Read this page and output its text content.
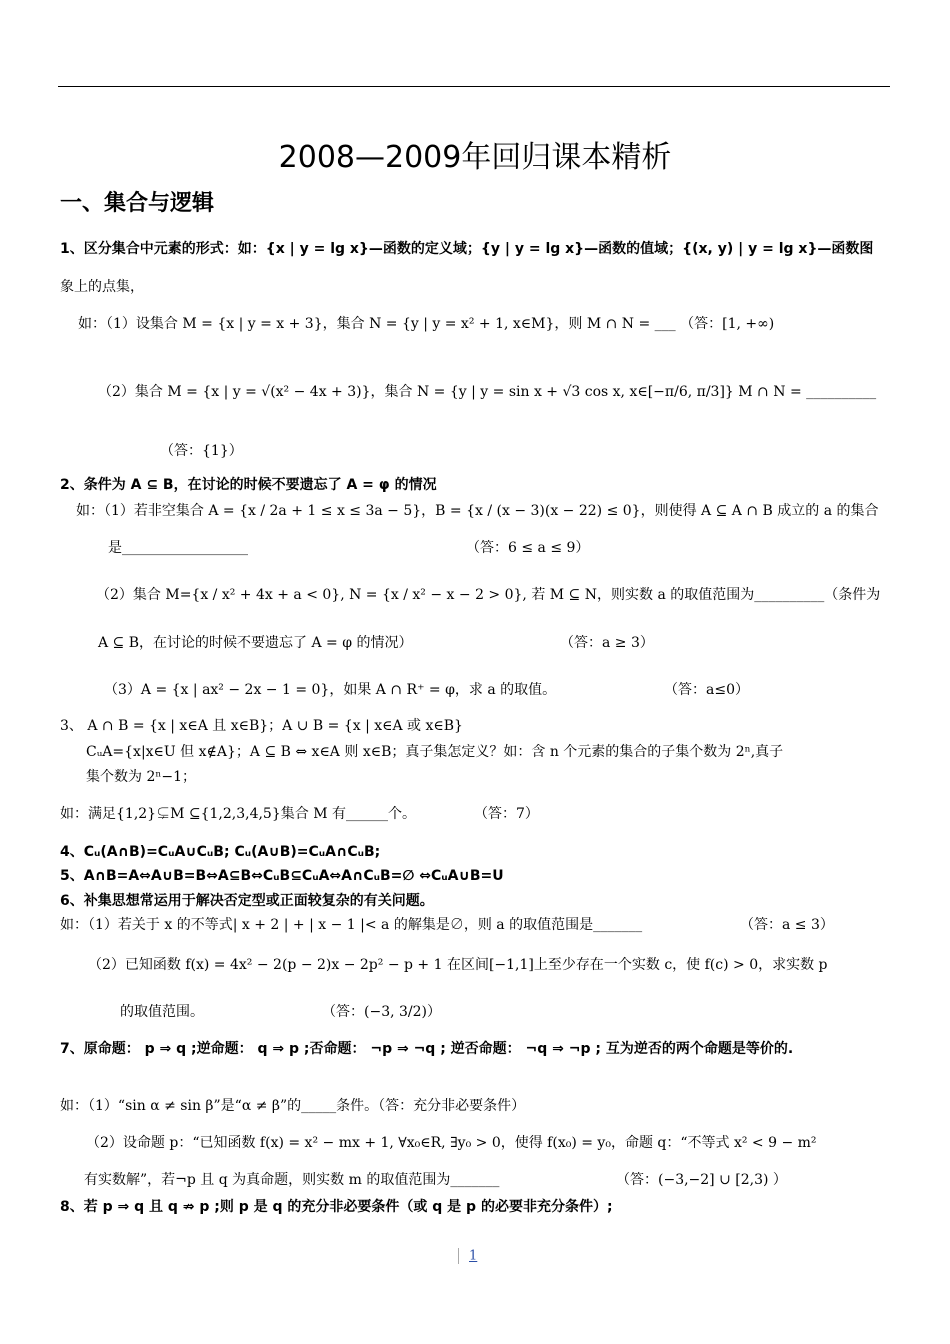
2008—2009年回归课本精析
一、集合与逻辑
1、区分集合中元素的形式：如：{x | y = lg x}—函数的定义域；{y | y = lg x}—函数的值域；{(x, y) | y = lg x}—函数图
象上的点集，
如：（1）设集合 M = {x | y = x + 3}，集合 N = {y | y = x² + 1, x∈M}，则 M ∩ N = ___ （答：[1, +∞)
（2）集合 M = {x | y = √(x² − 4x + 3)}，集合 N = {y | y = sin x + √3 cos x, x∈[−π/6, π/3]} M ∩ N = __________
（答：{1}）
2、条件为 A ⊆ B，在讨论的时候不要遗忘了 A = φ 的情况
如：（1）若非空集合 A = {x / 2a + 1 ≤ x ≤ 3a − 5}，B = {x / (x − 3)(x − 22) ≤ 0}，则使得 A ⊆ A ∩ B 成立的 a 的集合
是__________________	（答：6 ≤ a ≤ 9）
（2）集合 M={x / x² + 4x + a < 0}, N = {x / x² − x − 2 > 0}, 若 M ⊆ N，则实数 a 的取值范围为__________（条件为
A ⊆ B，在讨论的时候不要遗忘了 A = φ 的情况）	（答：a ≥ 3）
（3）A = {x | ax² − 2x − 1 = 0}，如果 A ∩ R⁺ = φ，求 a 的取值。	（答：a≤0）
3、 A ∩ B = {x | x∈A 且 x∈B}；A ∪ B = {x | x∈A 或 x∈B}
CᵤA={x|x∈U 但 x∉A}；A ⊆ B ⇔ x∈A 则 x∈B；真子集怎定义？如：含 n 个元素的集合的子集个数为 2ⁿ,真子
集个数为 2ⁿ−1；
如：满足{1,2}⊊M ⊆{1,2,3,4,5}集合 M 有______个。	（答：7）
4、Cᵤ(A∩B)=CᵤA∪CᵤB; Cᵤ(A∪B)=CᵤA∩CᵤB;
5、A∩B=A⇔A∪B=B⇔A⊆B⇔CᵤB⊆CᵤA⇔A∩CᵤB=∅ ⇔CᵤA∪B=U
6、补集思想常运用于解决否定型或正面较复杂的有关问题。
如：（1）若关于 x 的不等式| x + 2 | + | x − 1 |< a 的解集是∅，则 a 的取值范围是_______	（答：a ≤ 3）
（2）已知函数 f(x) = 4x² − 2(p − 2)x − 2p² − p + 1 在区间[−1,1]上至少存在一个实数 c，使 f(c) > 0，求实数 p
的取值范围。	（答：(−3, 3/2)）
7、原命题： p ⇒ q ;逆命题： q ⇒ p ;否命题： ¬p ⇒ ¬q ; 逆否命题： ¬q ⇒ ¬p ; 互为逆否的两个命题是等价的.
如：（1）“sin α ≠ sin β”是“α ≠ β”的_____条件。（答：充分非必要条件）
（2）设命题 p：“已知函数 f(x) = x² − mx + 1, ∀x₀∈R, ∃y₀ > 0，使得 f(x₀) = y₀，命题 q：“不等式 x² < 9 − m²
有实数解”，若¬p 且 q 为真命题，则实数 m 的取值范围为_______	（答：(−3,−2] ∪ [2,3) ）
8、若 p ⇒ q 且 q ⇏ p ;则 p 是 q 的充分非必要条件（或 q 是 p 的必要非充分条件）;
1
